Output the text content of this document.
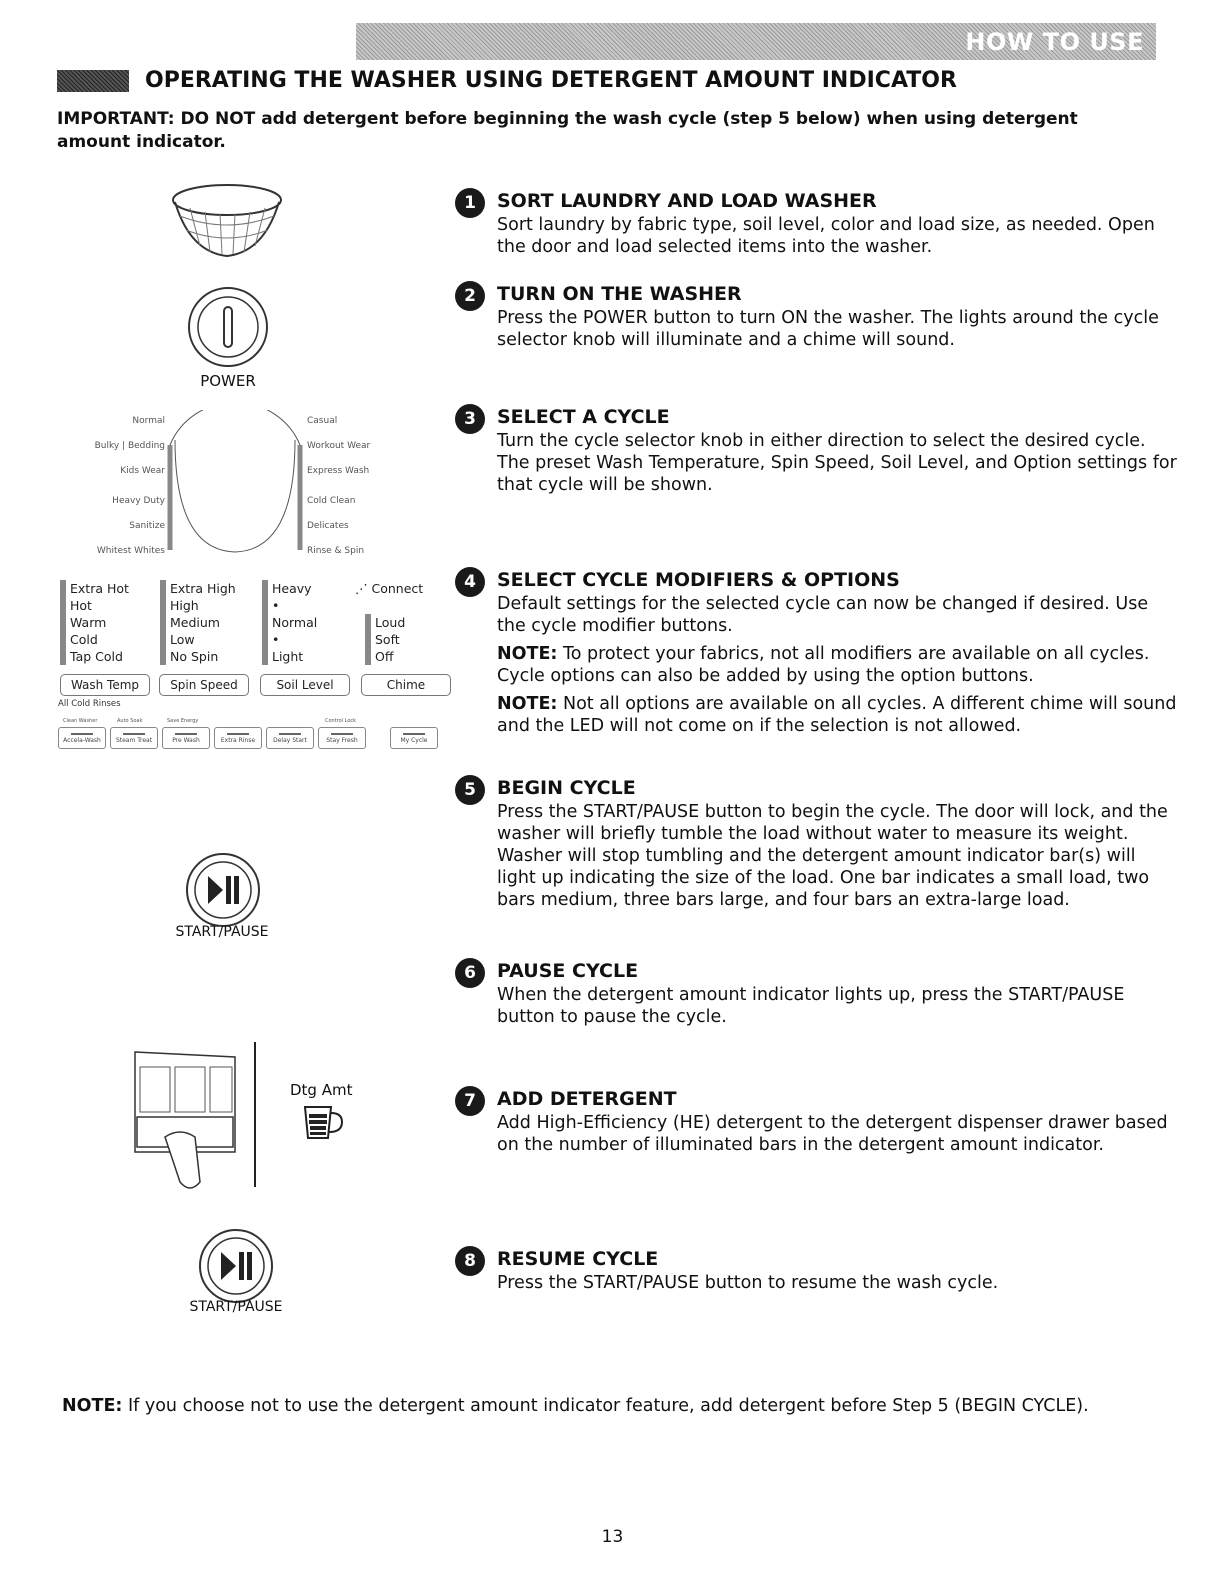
HOW TO USE
OPERATING THE WASHER USING DETERGENT AMOUNT INDICATOR
IMPORTANT: DO NOT add detergent before beginning the wash cycle (step 5 below) when using detergent amount indicator.
POWER
Normal
Bulky | Bedding
Kids Wear
Heavy Duty
Sanitize
Whitest Whites
Casual
Workout Wear
Express Wash
Cold Clean
Delicates
Rinse & Spin
Extra Hot
Hot
Warm
Cold
Tap Cold
Extra High
High
Medium
Low
No Spin
Heavy
•
Normal
•
Light
⋰ Connect
Loud
Soft
Off
Wash Temp	Spin Speed	Soil Level	Chime
All Cold Rinses
Clean Washer	Auto Soak	Save Energy	Control Lock
Accela-Wash	Steam Treat	Pre Wash	Extra Rinse	Delay Start	Stay Fresh	My Cycle
START/PAUSE
Dtg Amt
START/PAUSE
1	SORT LAUNDRY AND LOAD WASHER

Sort laundry by fabric type, soil level, color and load size, as needed. Open the door and load selected items into the washer.

2	TURN ON THE WASHER

Press the POWER button to turn ON the washer. The lights around the cycle selector knob will illuminate and a chime will sound.

3	SELECT A CYCLE

Turn the cycle selector knob in either direction to select the desired cycle. The preset Wash Temperature, Spin Speed, Soil Level, and Option settings for that cycle will be shown.

4	SELECT CYCLE MODIFIERS & OPTIONS

Default settings for the selected cycle can now be changed if desired. Use the cycle modifier buttons.

NOTE: To protect your fabrics, not all modifiers are available on all cycles. Cycle options can also be added by using the option buttons.

NOTE: Not all options are available on all cycles. A different chime will sound and the LED will not come on if the selection is not allowed.

5	BEGIN CYCLE

Press the START/PAUSE button to begin the cycle. The door will lock, and the washer will briefly tumble the load without water to measure its weight. Washer will stop tumbling and the detergent amount indicator bar(s) will light up indicating the size of the load. One bar indicates a small load, two bars medium, three bars large, and four bars an extra-large load.

6	PAUSE CYCLE

When the detergent amount indicator lights up, press the START/PAUSE button to pause the cycle.

7	ADD DETERGENT

Add High-Efficiency (HE) detergent to the detergent dispenser drawer based on the number of illuminated bars in the detergent amount indicator.

8	RESUME CYCLE

Press the START/PAUSE button to resume the wash cycle.

NOTE: If you choose not to use the detergent amount indicator feature, add detergent before Step 5 (BEGIN CYCLE).
13
